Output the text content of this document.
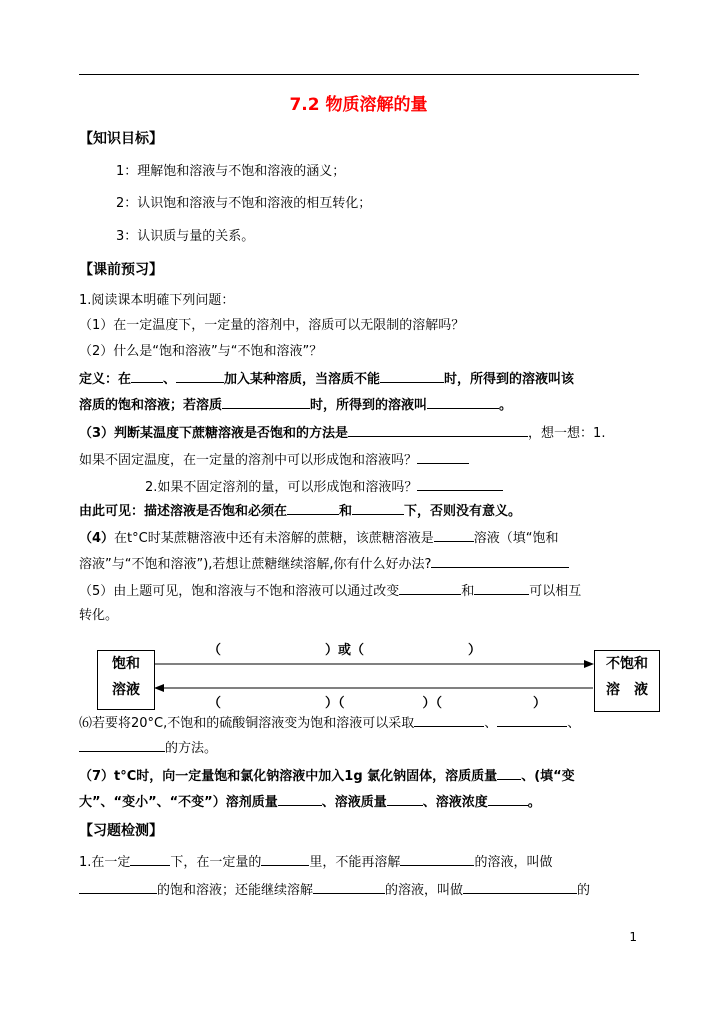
7.2 物质溶解的量
【知识目标】
1：理解饱和溶液与不饱和溶液的涵义；
2：认识饱和溶液与不饱和溶液的相互转化；
3：认识质与量的关系。
【课前预习】
1.阅读课本明確下列问题：
（1）在一定温度下，一定量的溶剂中，溶质可以无限制的溶解吗？
（2）什么是“饱和溶液”与“不饱和溶液”？
定义：在 、	加入某种溶质，当溶质不能	时，所得到的溶液叫该
溶质的饱和溶液；若溶质	时，所得到的溶液叫	。
（3）判断某温度下蔗糖溶液是否饱和的方法是	，想一想：1.
如果不固定温度，在一定量的溶剂中可以形成饱和溶液吗？
2.如果不固定溶剂的量，可以形成饱和溶液吗？
由此可见：描述溶液是否饱和必须在	和	下，否则没有意义。
（4）在t°C时某蔗糖溶液中还有未溶解的蔗糖，该蔗糖溶液是	溶液（填“饱和
溶液”与“不饱和溶液”),若想让蔗糖继续溶解,你有什么好办法?
（5）由上题可见，饱和溶液与不饱和溶液可以通过改变	和	可以相互
转化。
饱和
溶液
不饱和
溶　液
（　　　　　　　　）或（　　　　　　　　）
（　　　　　　　　）（　　　　　　）（　　　　　　　）
⑹若要将20°C,不饱和的硫酸铜溶液变为饱和溶液可以采取	、	、
的方法。
（7）t°C时，向一定量饱和氯化钠溶液中加入1g 氯化钠固体，溶质质量 、(填“变
大”、“变小”、“不变”）溶剂质量	、溶液质量	、溶液浓度	。
【习题检测】
1.在一定	下，在一定量的	里，不能再溶解	的溶液，叫做
的饱和溶液；还能继续溶解	的溶液，叫做	的
1
